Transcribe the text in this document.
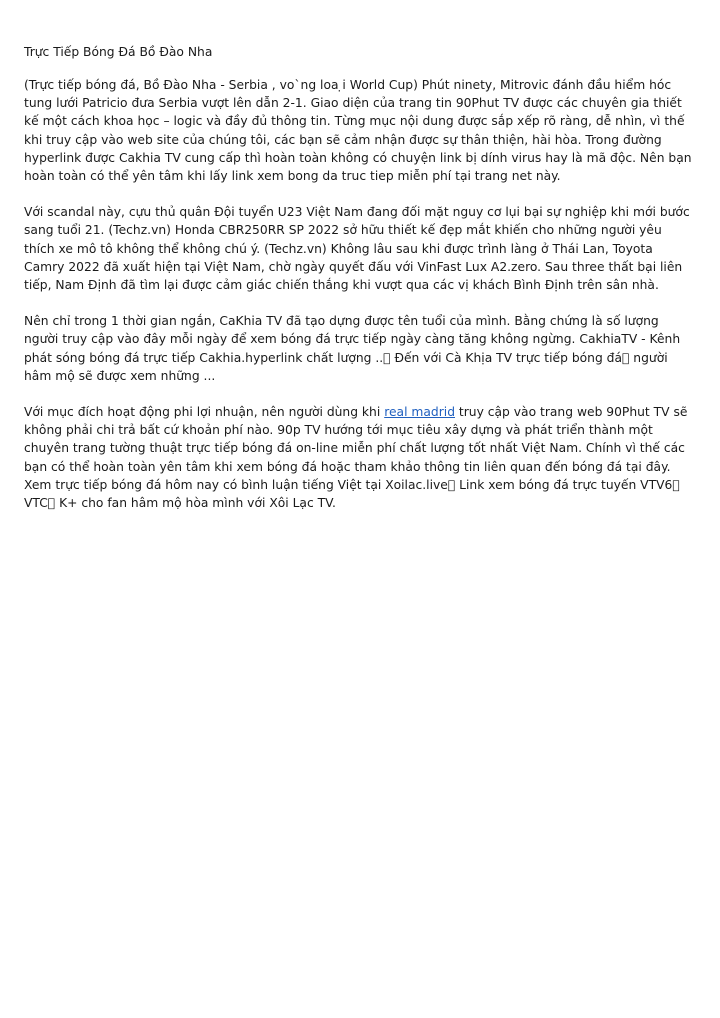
Trực Tiếp Bóng Đá Bồ Đào Nha

(Trực tiếp bóng đá, Bồ Đào Nha - Serbia , vo`ng loa ̣i World Cup) Phút ninety, Mitrovic đánh đầu hiểm hóc tung lưới Patricio đưa Serbia vượt lên dẫn 2-1. Giao diện của trang tin 90Phut TV được các chuyên gia thiết kế một cách khoa học – logic và đầy đủ thông tin. Từng mục nội dung được sắp xếp rõ ràng, dễ nhìn, vì thế khi truy cập vào web site của chúng tôi, các bạn sẽ cảm nhận được sự thân thiện, hài hòa. Trong đường hyperlink được Cakhia TV cung cấp thì hoàn toàn không có chuyện link bị dính virus hay là mã độc. Nên bạn hoàn toàn có thể yên tâm khi lấy link xem bong da truc tiep miễn phí tại trang net này.

Với scandal này, cựu thủ quân Đội tuyển U23 Việt Nam đang đối mặt nguy cơ lụi bại sự nghiệp khi mới bước sang tuổi 21. (Techz.vn) Honda CBR250RR SP 2022 sở hữu thiết kế đẹp mắt khiến cho những người yêu thích xe mô tô không thể không chú ý. (Techz.vn) Không lâu sau khi được trình làng ở Thái Lan, Toyota Camry 2022 đã xuất hiện tại Việt Nam, chờ ngày quyết đấu với VinFast Lux A2.zero. Sau three thất bại liên tiếp, Nam Định đã tìm lại được cảm giác chiến thắng khi vượt qua các vị khách Bình Định trên sân nhà.

Nên chỉ trong 1 thời gian ngắn, CaKhia TV đã tạo dựng được tên tuổi của mình. Bằng chứng là số lượng người truy cập vào đây mỗi ngày để xem bóng đá trực tiếp ngày càng tăng không ngừng. CakhiaTV - Kênh phát sóng bóng đá trực tiếp Cakhia.hyperlink chất lượng ..􏰀 Đến với Cà Khịa TV trực tiếp bóng đá􏰀 người hâm mộ sẽ được xem những ...

Với mục đích hoạt động phi lợi nhuận, nên người dùng khi real madrid truy cập vào trang web 90Phut TV sẽ không phải chi trả bất cứ khoản phí nào. 90p TV hướng tới mục tiêu xây dựng và phát triển thành một chuyên trang tường thuật trực tiếp bóng đá on-line miễn phí chất lượng tốt nhất Việt Nam. Chính vì thế các bạn có thể hoàn toàn yên tâm khi xem bóng đá hoặc tham khảo thông tin liên quan đến bóng đá tại đây. Xem trực tiếp bóng đá hôm nay có bình luận tiếng Việt tại Xoilac.live􏰀 Link xem bóng đá trực tuyến VTV6􏰀 VTC􏰀 K+ cho fan hâm mộ hòa mình với Xôi Lạc TV.
